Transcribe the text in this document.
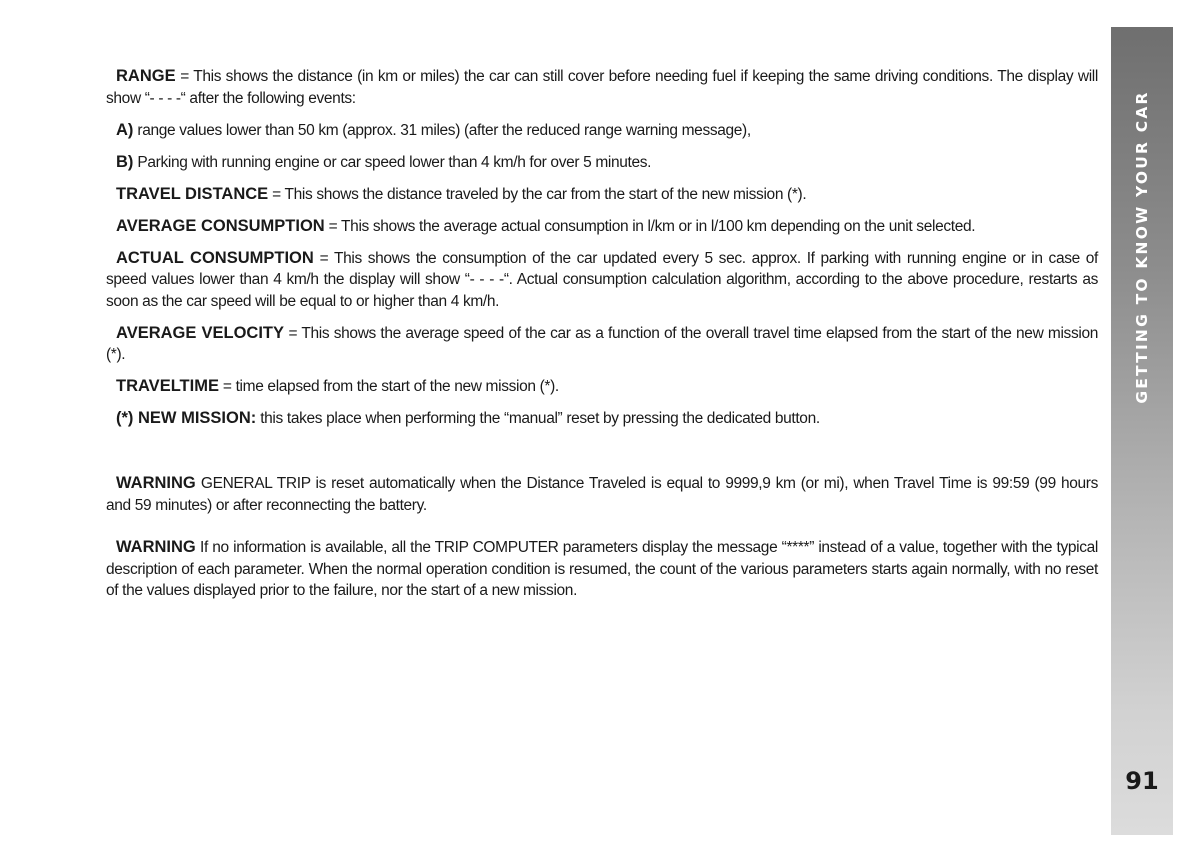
RANGE = This shows the distance (in km or miles) the car can still cover before needing fuel if keeping the same driving conditions. The display will show “- - - -“ after the following events:

A) range values lower than 50 km (approx. 31 miles) (after the reduced range warning message),

B) Parking with running engine or car speed lower than 4 km/h for over 5 minutes.

TRAVEL DISTANCE = This shows the distance traveled by the car from the start of the new mission (*).

AVERAGE CONSUMPTION = This shows the average actual consumption in l/km or in l/100 km depending on the unit selected.

ACTUAL CONSUMPTION = This shows the consumption of the car updated every 5 sec. approx. If parking with running engine or in case of speed values lower than 4 km/h the display will show “- - - -“. Actual consumption calculation algorithm, according to the above procedure, restarts as soon as the car speed will be equal to or higher than 4 km/h.

AVERAGE VELOCITY = This shows the average speed of the car as a function of the overall travel time elapsed from the start of the new mission (*).

TRAVELTIME = time elapsed from the start of the new mission (*).

(*) NEW MISSION: this takes place when performing the “manual” reset by pressing the dedicated button.

WARNING GENERAL TRIP is reset automatically when the Distance Traveled is equal to 9999,9 km (or mi), when Travel Time is 99:59 (99 hours and 59 minutes) or after reconnecting the battery.

WARNING If no information is available, all the TRIP COMPUTER parameters display the message “****” instead of a value, together with the typical description of each parameter. When the normal operation condition is resumed, the count of the various parameters starts again normally, with no reset of the values displayed prior to the failure, nor the start of a new mission.

GETTING TO KNOW YOUR CAR
91
